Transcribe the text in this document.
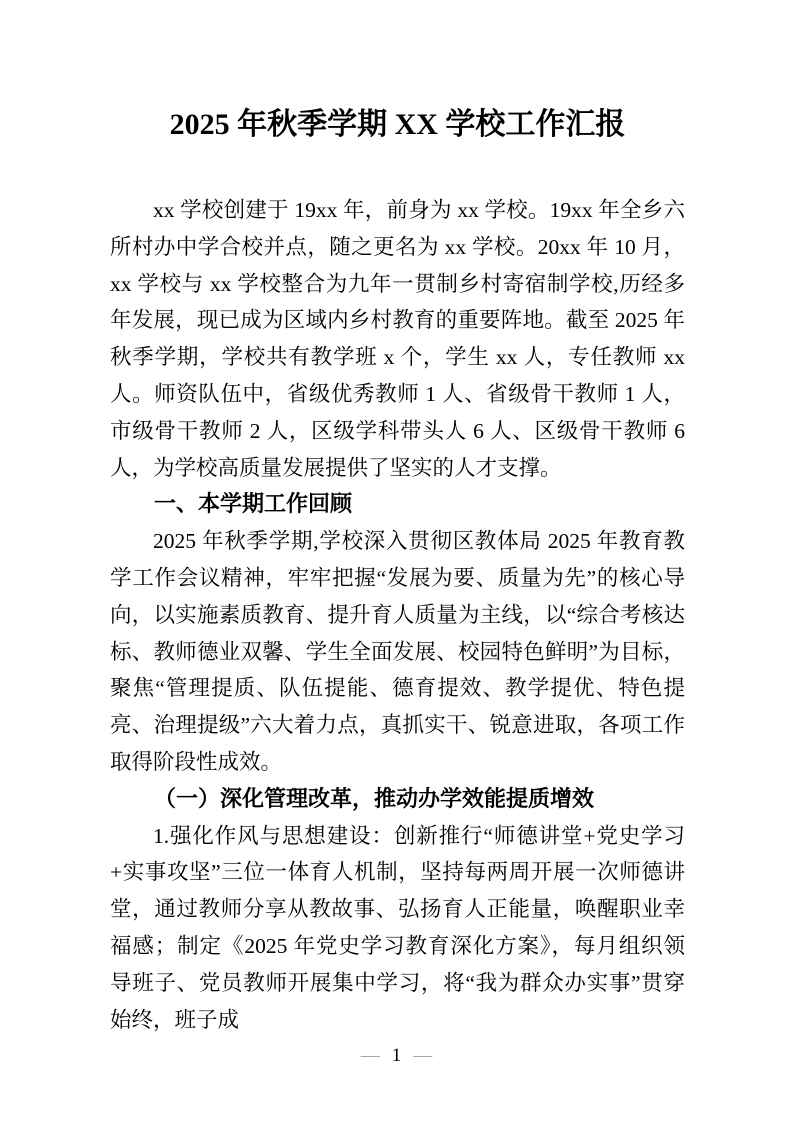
2025 年秋季学期 XX 学校工作汇报
xx 学校创建于 19xx 年，前身为 xx 学校。19xx 年全乡六所村办中学合校并点，随之更名为 xx 学校。20xx 年 10 月，xx 学校与 xx 学校整合为九年一贯制乡村寄宿制学校,历经多年发展，现已成为区域内乡村教育的重要阵地。截至 2025 年秋季学期，学校共有教学班 x 个，学生 xx 人，专任教师 xx 人。师资队伍中，省级优秀教师 1 人、省级骨干教师 1 人，市级骨干教师 2 人，区级学科带头人 6 人、区级骨干教师 6 人，为学校高质量发展提供了坚实的人才支撑。
一、本学期工作回顾
2025 年秋季学期,学校深入贯彻区教体局 2025 年教育教学工作会议精神，牢牢把握“发展为要、质量为先”的核心导向，以实施素质教育、提升育人质量为主线，以“综合考核达标、教师德业双馨、学生全面发展、校园特色鲜明”为目标，聚焦“管理提质、队伍提能、德育提效、教学提优、特色提亮、治理提级”六大着力点，真抓实干、锐意进取，各项工作取得阶段性成效。
（一）深化管理改革，推动办学效能提质增效
1.强化作风与思想建设：创新推行“师德讲堂+党史学习+实事攻坚”三位一体育人机制，坚持每两周开展一次师德讲堂，通过教师分享从教故事、弘扬育人正能量，唤醒职业幸福感；制定《2025 年党史学习教育深化方案》，每月组织领导班子、党员教师开展集中学习，将“我为群众办实事”贯穿始终，班子成
— 1 —
